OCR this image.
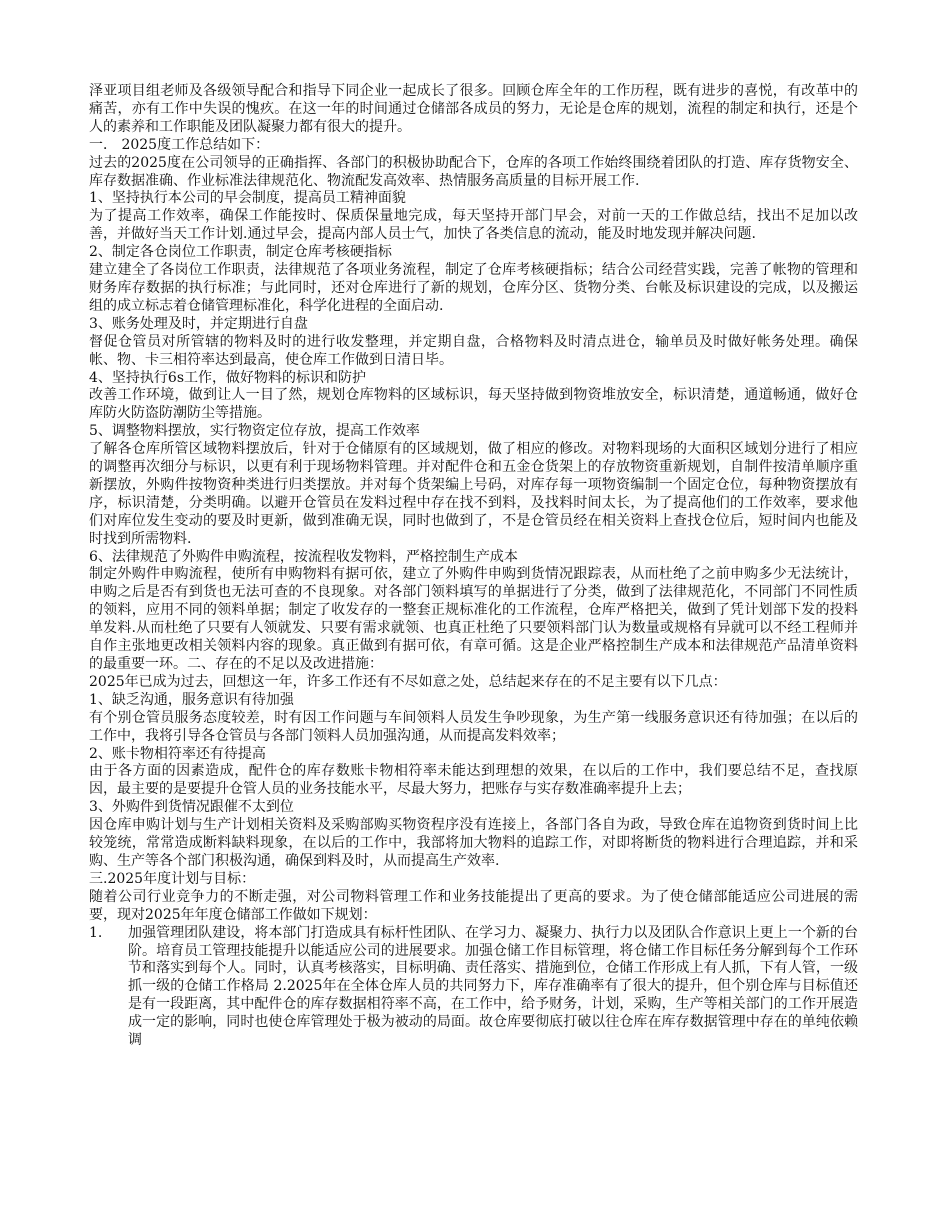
泽亚项目组老师及各级领导配合和指导下同企业一起成长了很多。回顾仓库全年的工作历程，既有进步的喜悦，有改革中的痛苦，亦有工作中失误的愧疚。在这一年的时间通过仓储部各成员的努力，无论是仓库的规划，流程的制定和执行，还是个人的素养和工作职能及团队凝聚力都有很大的提升。

一． 2025度工作总结如下：

过去的2025度在公司领导的正确指挥、各部门的积极协助配合下，仓库的各项工作始终围绕着团队的打造、库存货物安全、库存数据准确、作业标准法律规范化、物流配发高效率、热情服务高质量的目标开展工作.

1、坚持执行本公司的早会制度，提高员工精神面貌

为了提高工作效率，确保工作能按时、保质保量地完成，每天坚持开部门早会，对前一天的工作做总结，找出不足加以改善，并做好当天工作计划.通过早会，提高内部人员士气，加快了各类信息的流动，能及时地发现并解决问题.

2、制定各仓岗位工作职责，制定仓库考核硬指标

建立建全了各岗位工作职责，法律规范了各项业务流程，制定了仓库考核硬指标；结合公司经营实践，完善了帐物的管理和财务库存数据的执行标准；与此同时，还对仓库进行了新的规划，仓库分区、货物分类、台帐及标识建设的完成，以及搬运组的成立标志着仓储管理标准化，科学化进程的全面启动.

3、账务处理及时，并定期进行自盘

督促仓管员对所管辖的物料及时的进行收发整理，并定期自盘，合格物料及时清点进仓，输单员及时做好帐务处理。确保帐、物、卡三相符率达到最高，使仓库工作做到日清日毕。

4、坚持执行6s工作，做好物料的标识和防护

改善工作环境，做到让人一目了然，规划仓库物料的区域标识，每天坚持做到物资堆放安全，标识清楚，通道畅通，做好仓库防火防盗防潮防尘等措施。

5、调整物料摆放，实行物资定位存放，提高工作效率

了解各仓库所管区域物料摆放后，针对于仓储原有的区域规划，做了相应的修改。对物料现场的大面积区域划分进行了相应的调整再次细分与标识，以更有利于现场物料管理。并对配件仓和五金仓货架上的存放物资重新规划，自制件按清单顺序重新摆放，外购件按物资种类进行归类摆放。并对每个货架编上号码，对库存每一项物资编制一个固定仓位，每种物资摆放有序，标识清楚，分类明确。以避开仓管员在发料过程中存在找不到料，及找料时间太长，为了提高他们的工作效率，要求他们对库位发生变动的要及时更新，做到准确无误，同时也做到了，不是仓管员经在相关资料上查找仓位后，短时间内也能及时找到所需物料.

6、法律规范了外购件申购流程，按流程收发物料，严格控制生产成本

制定外购件申购流程，使所有申购物料有据可依，建立了外购件申购到货情况跟踪表，从而杜绝了之前申购多少无法统计，申购之后是否有到货也无法可查的不良现象。对各部门领料填写的单据进行了分类，做到了法律规范化，不同部门不同性质的领料，应用不同的领料单据；制定了收发存的一整套正规标准化的工作流程，仓库严格把关，做到了凭计划部下发的投料单发料.从而杜绝了只要有人领就发、只要有需求就领、也真正杜绝了只要领料部门认为数量或规格有异就可以不经工程师并自作主张地更改相关领料内容的现象。真正做到有据可依，有章可循。这是企业严格控制生产成本和法律规范产品清单资料的最重要一环。二、存在的不足以及改进措施：

2025年已成为过去，回想这一年，许多工作还有不尽如意之处，总结起来存在的不足主要有以下几点：

1、缺乏沟通，服务意识有待加强

有个别仓管员服务态度较差，时有因工作问题与车间领料人员发生争吵现象，为生产第一线服务意识还有待加强；在以后的工作中，我将引导各仓管员与各部门领料人员加强沟通，从而提高发料效率；

2、账卡物相符率还有待提高

由于各方面的因素造成，配件仓的库存数账卡物相符率未能达到理想的效果，在以后的工作中，我们要总结不足，查找原因，最主要的是要提升仓管人员的业务技能水平，尽最大努力，把账存与实存数准确率提升上去；

3、外购件到货情况跟催不太到位

因仓库申购计划与生产计划相关资料及采购部购买物资程序没有连接上，各部门各自为政，导致仓库在追物资到货时间上比较笼统，常常造成断料缺料现象，在以后的工作中，我部将加大物料的追踪工作，对即将断货的物料进行合理追踪，并和采购、生产等各个部门积极沟通，确保到料及时，从而提高生产效率.

三.2025年度计划与目标：

随着公司行业竞争力的不断走强，对公司物料管理工作和业务技能提出了更高的要求。为了使仓储部能适应公司进展的需要，现对2025年年度仓储部工作做如下规划：

1.	加强管理团队建设，将本部门打造成具有标杆性团队、在学习力、凝聚力、执行力以及团队合作意识上更上一个新的台阶。培育员工管理技能提升以能适应公司的进展要求。加强仓储工作目标管理，将仓储工作目标任务分解到每个工作环节和落实到每个人。同时，认真考核落实，目标明确、责任落实、措施到位，仓储工作形成上有人抓，下有人管，一级抓一级的仓储工作格局 2.2025年在全体仓库人员的共同努力下，库存准确率有了很大的提升，但个别仓库与目标值还是有一段距离，其中配件仓的库存数据相符率不高，在工作中，给予财务，计划，采购，生产等相关部门的工作开展造成一定的影响，同时也使仓库管理处于极为被动的局面。故仓库要彻底打破以往仓库在库存数据管理中存在的单纯依赖调
